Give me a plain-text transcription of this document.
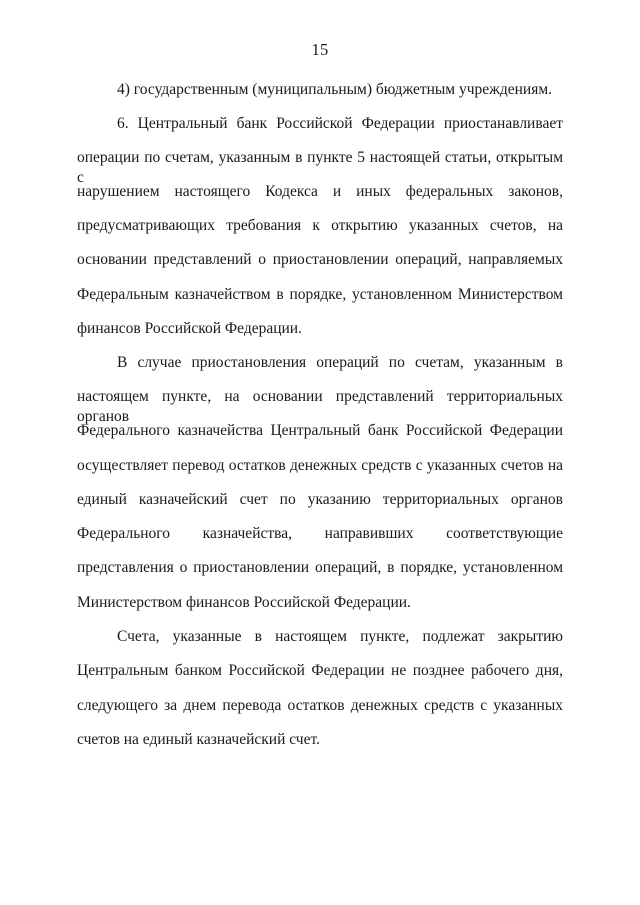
15
4) государственным (муниципальным) бюджетным учреждениям.
6. Центральный банк Российской Федерации приостанавливает
операции по счетам, указанным в пункте 5 настоящей статьи, открытым с
нарушением настоящего Кодекса и иных федеральных законов,
предусматривающих требования к открытию указанных счетов, на
основании представлений о приостановлении операций, направляемых
Федеральным казначейством в порядке, установленном Министерством
финансов Российской Федерации.
В случае приостановления операций по счетам, указанным в
настоящем пункте, на основании представлений территориальных органов
Федерального казначейства Центральный банк Российской Федерации
осуществляет перевод остатков денежных средств с указанных счетов на
единый казначейский счет по указанию территориальных органов
Федерального казначейства, направивших соответствующие
представления о приостановлении операций, в порядке, установленном
Министерством финансов Российской Федерации.
Счета, указанные в настоящем пункте, подлежат закрытию
Центральным банком Российской Федерации не позднее рабочего дня,
следующего за днем перевода остатков денежных средств с указанных
счетов на единый казначейский счет.
